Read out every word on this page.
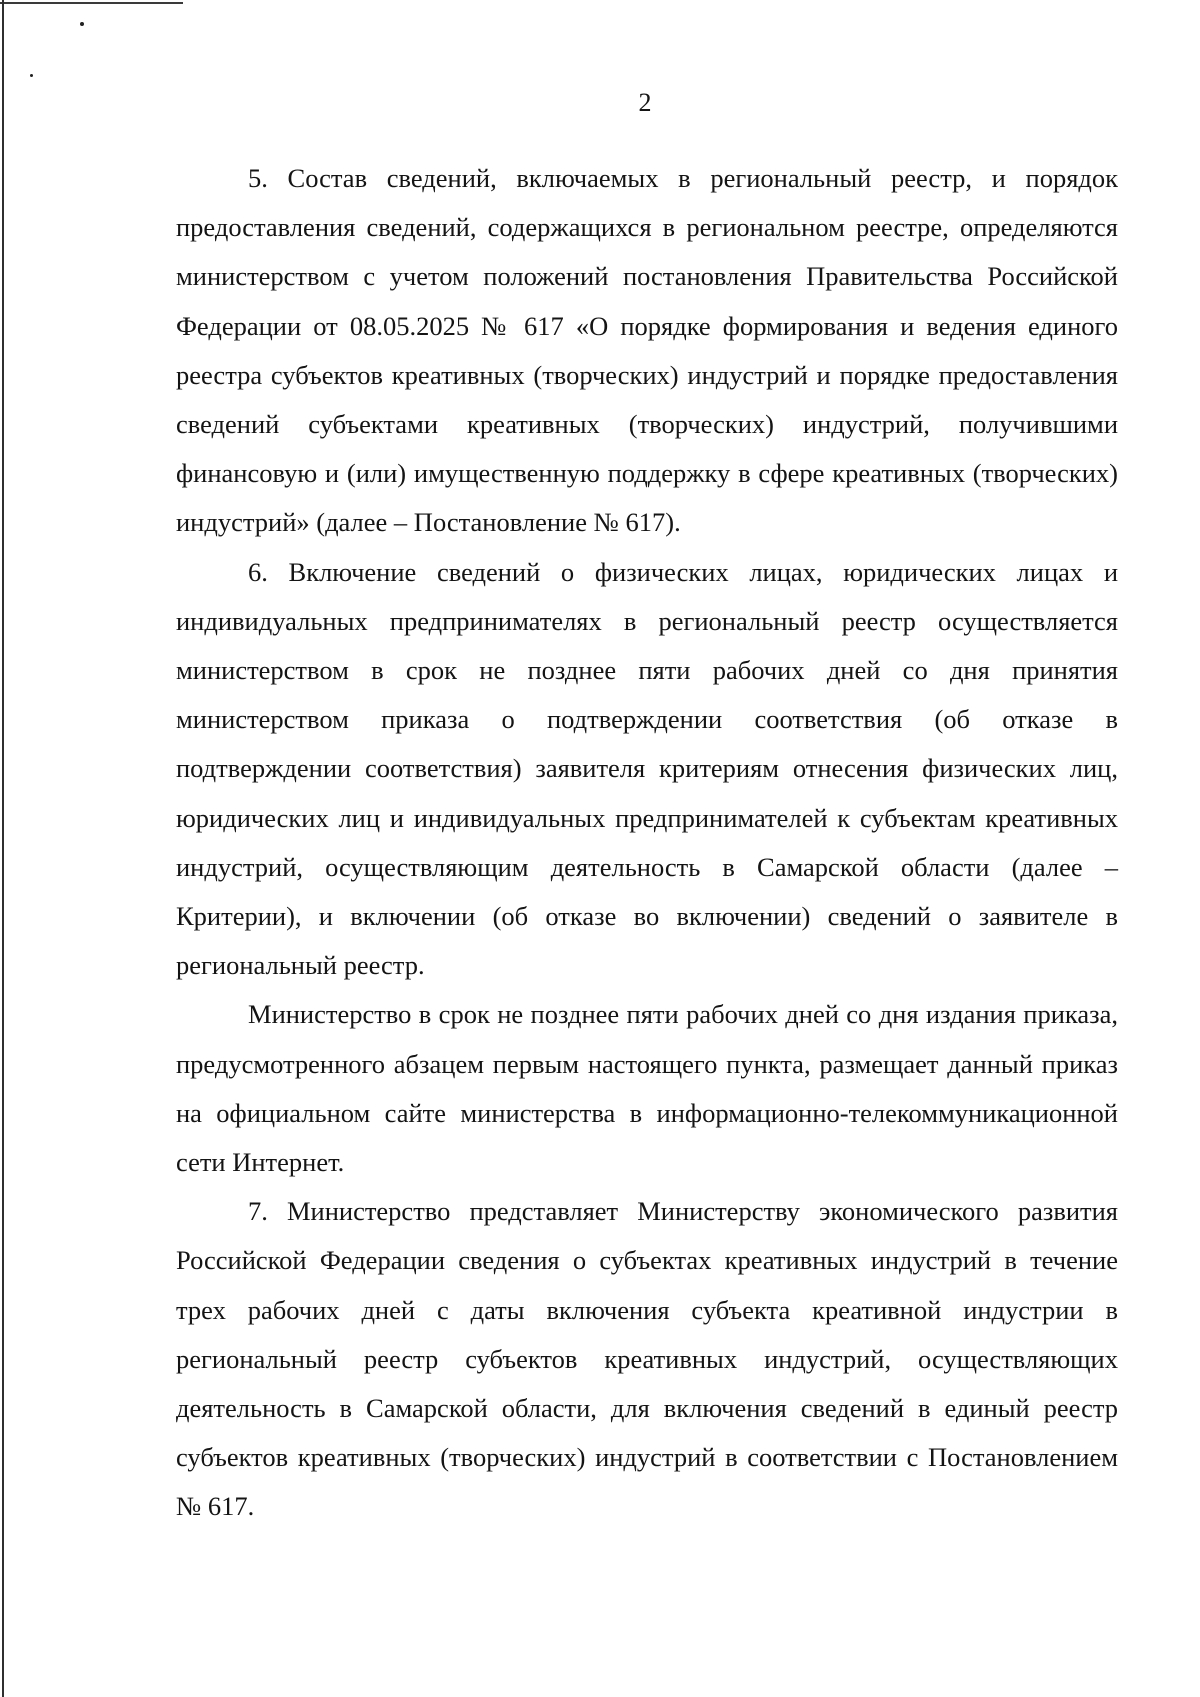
2

5. Состав сведений, включаемых в региональный реестр, и порядок предоставления сведений, содержащихся в региональном реестре, определяются министерством с учетом положений постановления Правительства Российской Федерации от 08.05.2025 № 617 «О порядке формирования и ведения единого реестра субъектов креативных (творческих) индустрий и порядке предоставления сведений субъектами креативных (творческих) индустрий, получившими финансовую и (или) имущественную поддержку в сфере креативных (творческих) индустрий» (далее – Постановление № 617).

6. Включение сведений о физических лицах, юридических лицах и индивидуальных предпринимателях в региональный реестр осуществляется министерством в срок не позднее пяти рабочих дней со дня принятия министерством приказа о подтверждении соответствия (об отказе в подтверждении соответствия) заявителя критериям отнесения физических лиц, юридических лиц и индивидуальных предпринимателей к субъектам креативных индустрий, осуществляющим деятельность в Самарской области (далее – Критерии), и включении (об отказе во включении) сведений о заявителе в региональный реестр.

Министерство в срок не позднее пяти рабочих дней со дня издания приказа, предусмотренного абзацем первым настоящего пункта, размещает данный приказ на официальном сайте министерства в информационно-телекоммуникационной сети Интернет.

7. Министерство представляет Министерству экономического развития Российской Федерации сведения о субъектах креативных индустрий в течение трех рабочих дней с даты включения субъекта креативной индустрии в региональный реестр субъектов креативных индустрий, осуществляющих деятельность в Самарской области, для включения сведений в единый реестр субъектов креативных (творческих) индустрий в соответствии с Постановлением № 617.
